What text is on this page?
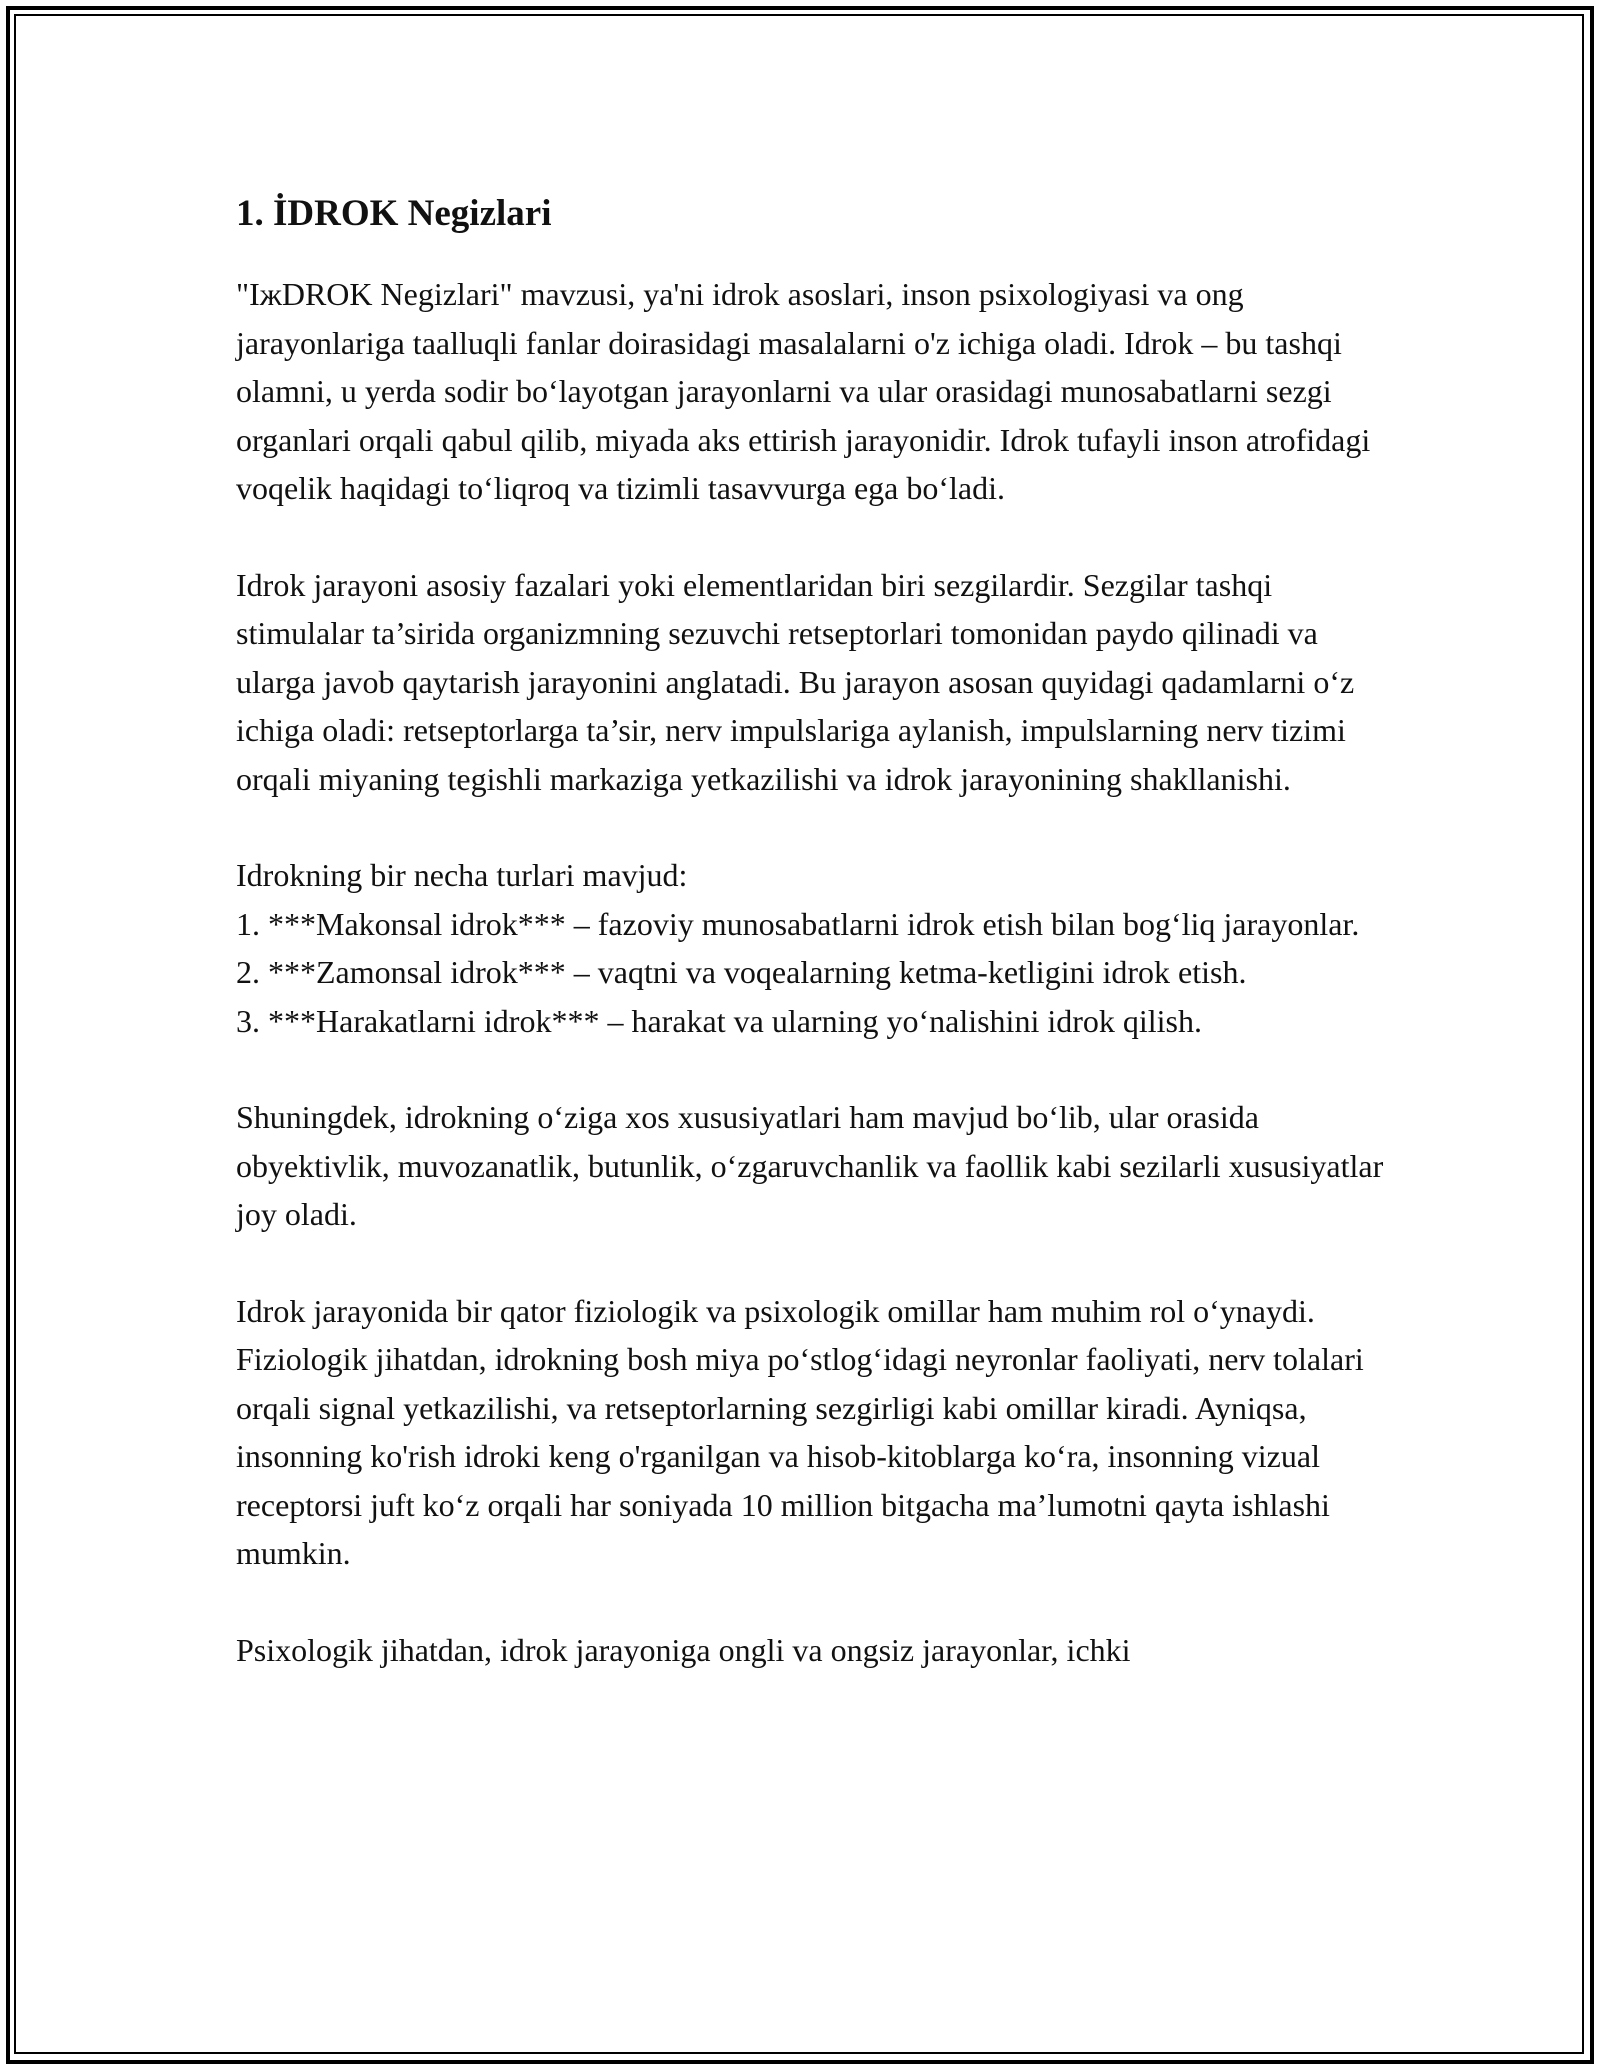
1. İDROK Negizlari

"IжDROK Negizlari" mavzusi, ya'ni idrok asoslari, inson psixologiyasi va ong jarayonlariga taalluqli fanlar doirasidagi masalalarni o'z ichiga oladi. Idrok – bu tashqi olamni, u yerda sodir bo‘layotgan jarayonlarni va ular orasidagi munosabatlarni sezgi organlari orqali qabul qilib, miyada aks ettirish jarayonidir. Idrok tufayli inson atrofidagi voqelik haqidagi to‘liqroq va tizimli tasavvurga ega bo‘ladi.

Idrok jarayoni asosiy fazalari yoki elementlaridan biri sezgilardir. Sezgilar tashqi stimulalar ta’sirida organizmning sezuvchi retseptorlari tomonidan paydo qilinadi va ularga javob qaytarish jarayonini anglatadi. Bu jarayon asosan quyidagi qadamlarni o‘z ichiga oladi: retseptorlarga ta’sir, nerv impulslariga aylanish, impulslarning nerv tizimi orqali miyaning tegishli markaziga yetkazilishi va idrok jarayonining shakllanishi.

Idrokning bir necha turlari mavjud:

1. ***Makonsal idrok*** – fazoviy munosabatlarni idrok etish bilan bog‘liq jarayonlar.

2. ***Zamonsal idrok*** – vaqtni va voqealarning ketma-ketligini idrok etish.

3. ***Harakatlarni idrok*** – harakat va ularning yo‘nalishini idrok qilish.

Shuningdek, idrokning o‘ziga xos xususiyatlari ham mavjud bo‘lib, ular orasida obyektivlik, muvozanatlik, butunlik, o‘zgaruvchanlik va faollik kabi sezilarli xususiyatlar joy oladi.

Idrok jarayonida bir qator fiziologik va psixologik omillar ham muhim rol o‘ynaydi. Fiziologik jihatdan, idrokning bosh miya po‘stlog‘idagi neyronlar faoliyati, nerv tolalari orqali signal yetkazilishi, va retseptorlarning sezgirligi kabi omillar kiradi. Ayniqsa, insonning ko'rish idroki keng o'rganilgan va hisob-kitoblarga ko‘ra, insonning vizual receptorsi juft ko‘z orqali har soniyada 10 million bitgacha ma’lumotni qayta ishlashi mumkin.

Psixologik jihatdan, idrok jarayoniga ongli va ongsiz jarayonlar, ichki
